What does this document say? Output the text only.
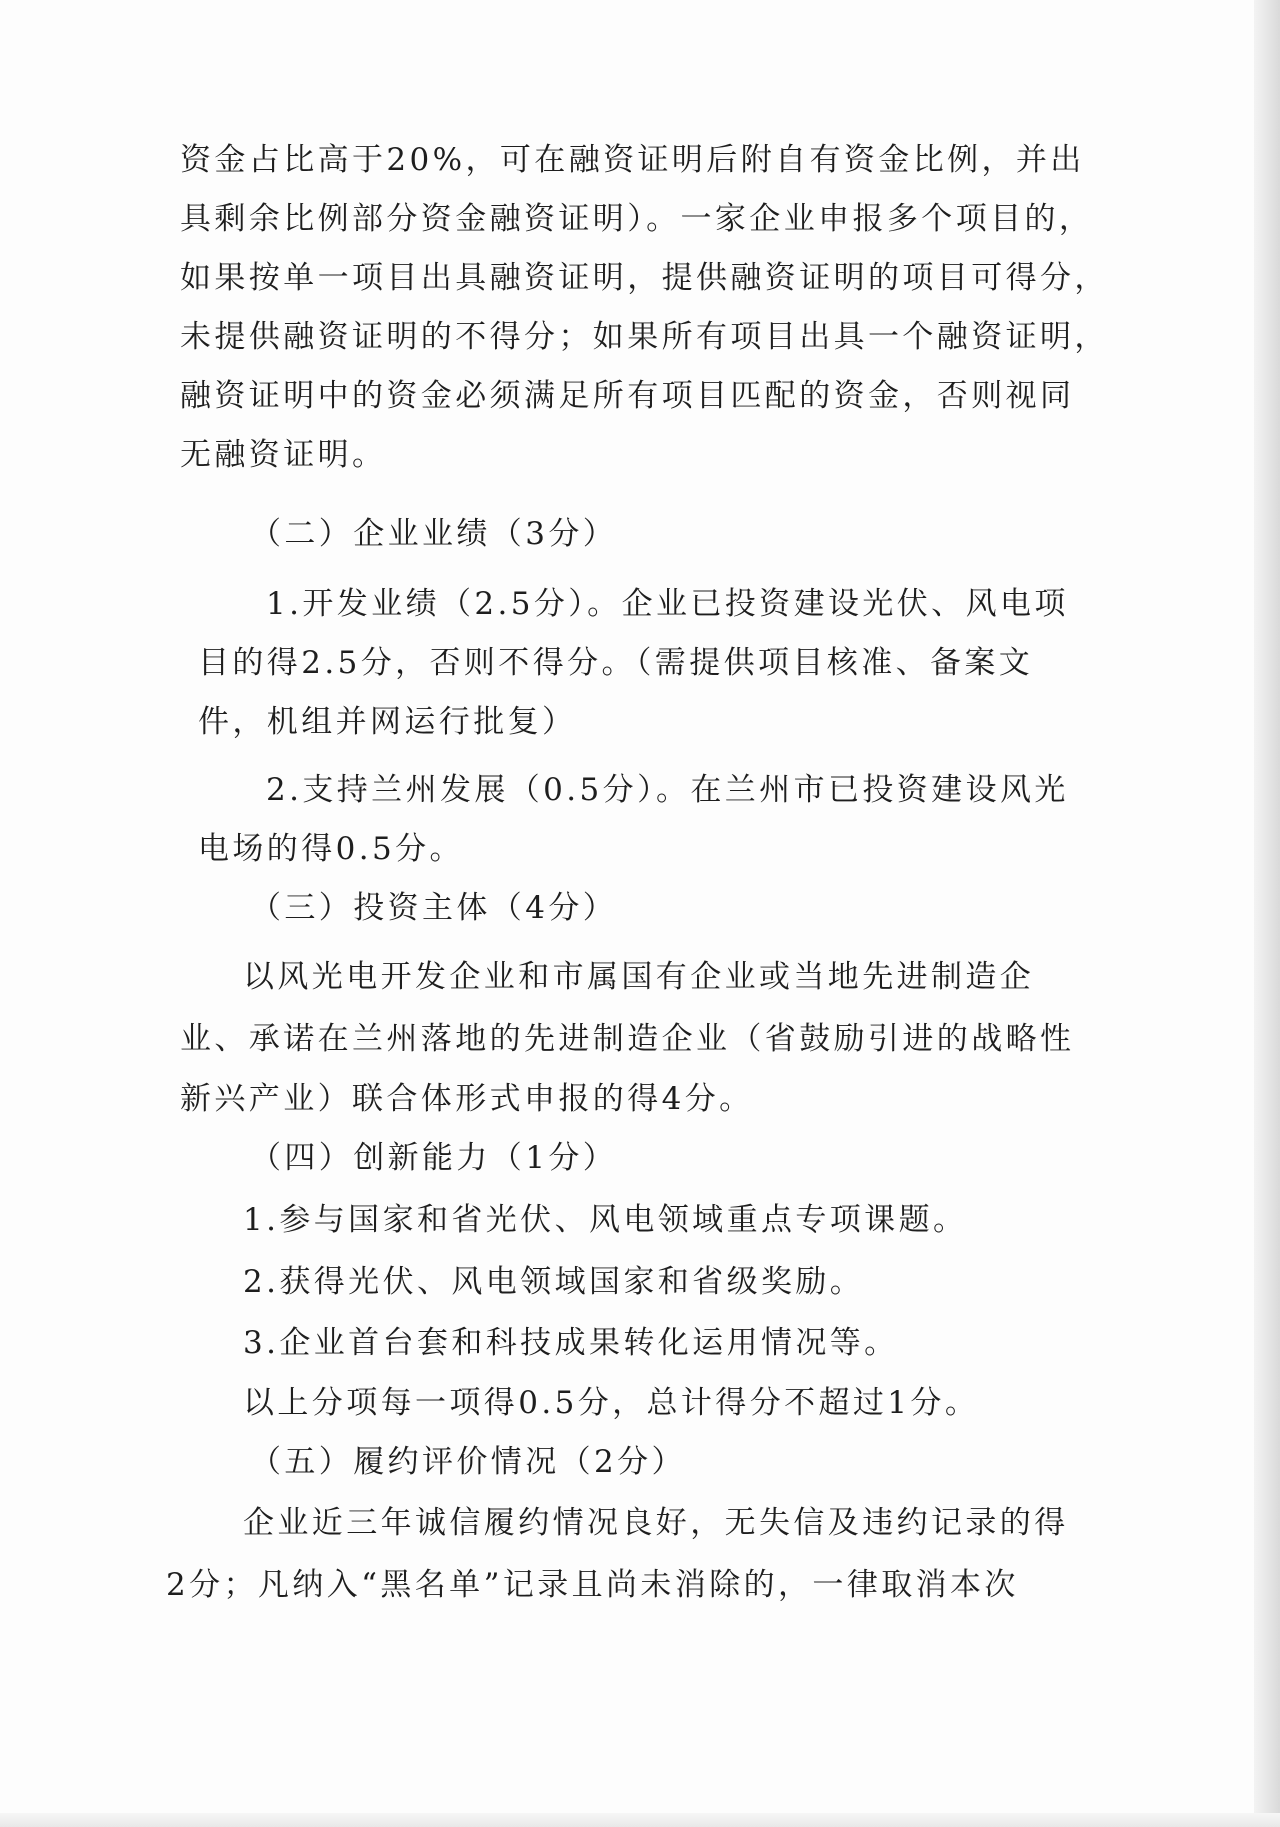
资金占比高于20%，可在融资证明后附自有资金比例，并出
具剩余比例部分资金融资证明）。一家企业申报多个项目的，
如果按单一项目出具融资证明，提供融资证明的项目可得分，
未提供融资证明的不得分；如果所有项目出具一个融资证明，
融资证明中的资金必须满足所有项目匹配的资金，否则视同
无融资证明。
（二）企业业绩（3分）
1.开发业绩（2.5分）。企业已投资建设光伏、风电项
目的得2.5分，否则不得分。（需提供项目核准、备案文
件，机组并网运行批复）
2.支持兰州发展（0.5分）。在兰州市已投资建设风光
电场的得0.5分。
（三）投资主体（4分）
以风光电开发企业和市属国有企业或当地先进制造企
业、承诺在兰州落地的先进制造企业（省鼓励引进的战略性
新兴产业）联合体形式申报的得4分。
（四）创新能力（1分）
1.参与国家和省光伏、风电领域重点专项课题。
2.获得光伏、风电领域国家和省级奖励。
3.企业首台套和科技成果转化运用情况等。
以上分项每一项得0.5分，总计得分不超过1分。
（五）履约评价情况（2分）
企业近三年诚信履约情况良好，无失信及违约记录的得
2分；凡纳入“黑名单”记录且尚未消除的，一律取消本次
